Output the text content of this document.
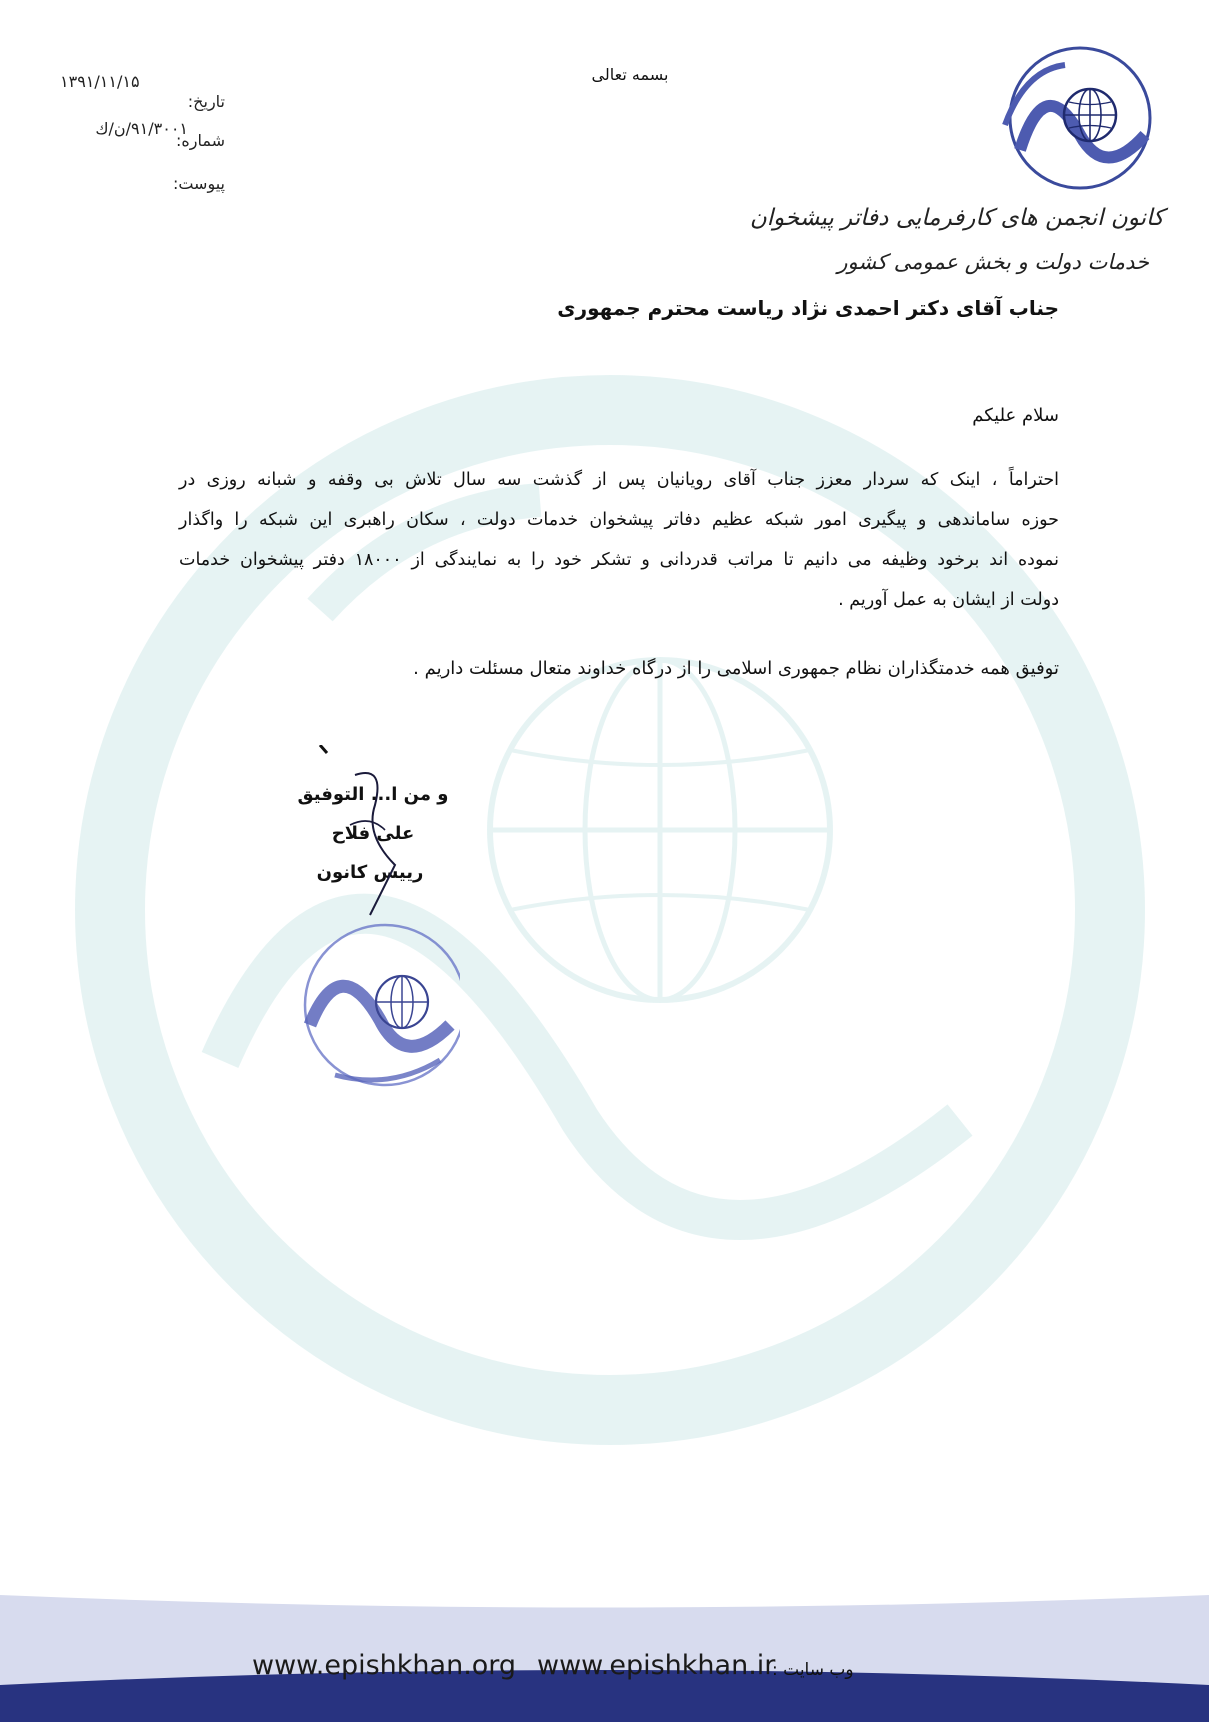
کانون انجمن های کارفرمایی دفاتر پیشخوان
خدمات دولت و بخش عمومی کشور
بسمه تعالی
تاریخ:
۱۳۹۱/۱۱/۱۵
شماره:
۹۱/۳۰۰۱/ن/ك
پیوست:
جناب آقای دکتر احمدی نژاد ریاست محترم جمهوری
سلام علیکم
احتراماً ، اینک که سردار معزز جناب آقای رویانیان پس از گذشت سه سال تلاش بی وقفه و شبانه روزی در
حوزه ساماندهی و پیگیری امور شبکه عظیم دفاتر پیشخوان خدمات دولت ، سکان راهبری این شبکه را واگذار
نموده اند برخود وظیفه می دانیم تا مراتب قدردانی و تشکر خود را به نمایندگی از ۱۸۰۰۰ دفتر پیشخوان خدمات
دولت از ایشان به عمل آوریم .
توفیق همه خدمتگذاران نظام جمهوری اسلامی را از درگاه خداوند متعال مسئلت داریم .
و من ا... التوفیق
علی فلاح
رییس کانون
www.epishkhan.org www.epishkhan.ir
وب سایت :
